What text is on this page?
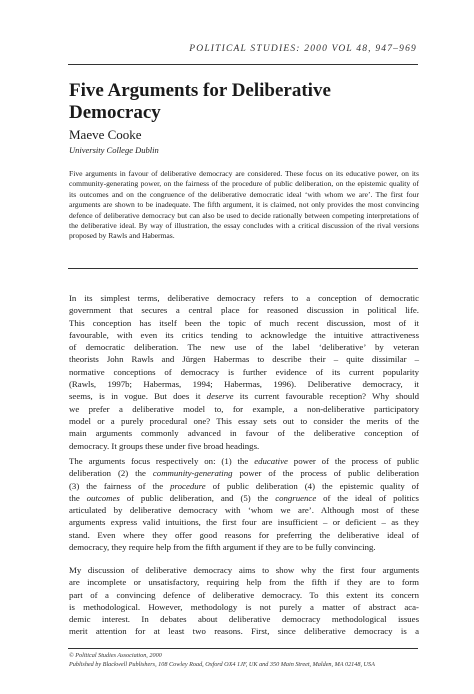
POLITICAL STUDIES: 2000 VOL 48, 947–969
Five Arguments for Deliberative Democracy
Maeve Cooke
University College Dublin

Five arguments in favour of deliberative democracy are considered. These focus on its educative power, on its community-generating power, on the fairness of the procedure of public deliberation, on the epistemic quality of its outcomes and on the congruence of the deliberative democratic ideal ‘with whom we are’. The first four arguments are shown to be inadequate. The fifth argument, it is claimed, not only provides the most convincing defence of deliberative democracy but can also be used to decide rationally between competing interpretations of the deliberative ideal. By way of illustration, the essay concludes with a critical discussion of the rival versions proposed by Rawls and Habermas.

In its simplest terms, deliberative democracy refers to a conception of democratic
government that secures a central place for reasoned discussion in political life.
This conception has itself been the topic of much recent discussion, most of it
favourable, with even its critics tending to acknowledge the intuitive attractiveness
of democratic deliberation. The new use of the label ‘deliberative’ by veteran
theorists John Rawls and Jürgen Habermas to describe their – quite dissimilar –
normative conceptions of democracy is further evidence of its current popularity
(Rawls, 1997b; Habermas, 1994; Habermas, 1996). Deliberative democracy, it
seems, is in vogue. But does it deserve its current favourable reception? Why should
we prefer a deliberative model to, for example, a non-deliberative participatory
model or a purely procedural one? This essay sets out to consider the merits of the
main arguments commonly advanced in favour of the deliberative conception of
democracy. It groups these under five broad headings.
The arguments focus respectively on: (1) the educative power of the process of public
deliberation (2) the community-generating power of the process of public deliberation
(3) the fairness of the procedure of public deliberation (4) the epistemic quality of
the outcomes of public deliberation, and (5) the congruence of the ideal of politics
articulated by deliberative democracy with ‘whom we are’. Although most of these
arguments express valid intuitions, the first four are insufficient – or deficient – as they
stand. Even where they offer good reasons for preferring the deliberative ideal of
democracy, they require help from the fifth argument if they are to be fully convincing.
My discussion of deliberative democracy aims to show why the first four arguments
are incomplete or unsatisfactory, requiring help from the fifth if they are to form
part of a convincing defence of deliberative democracy. To this extent its concern
is methodological. However, methodology is not purely a matter of abstract aca-
demic interest. In debates about deliberative democracy methodological issues
merit attention for at least two reasons. First, since deliberative democracy is a
© Political Studies Association, 2000
Published by Blackwell Publishers, 108 Cowley Road, Oxford OX4 1JF, UK and 350 Main Street, Malden, MA 02148, USA
